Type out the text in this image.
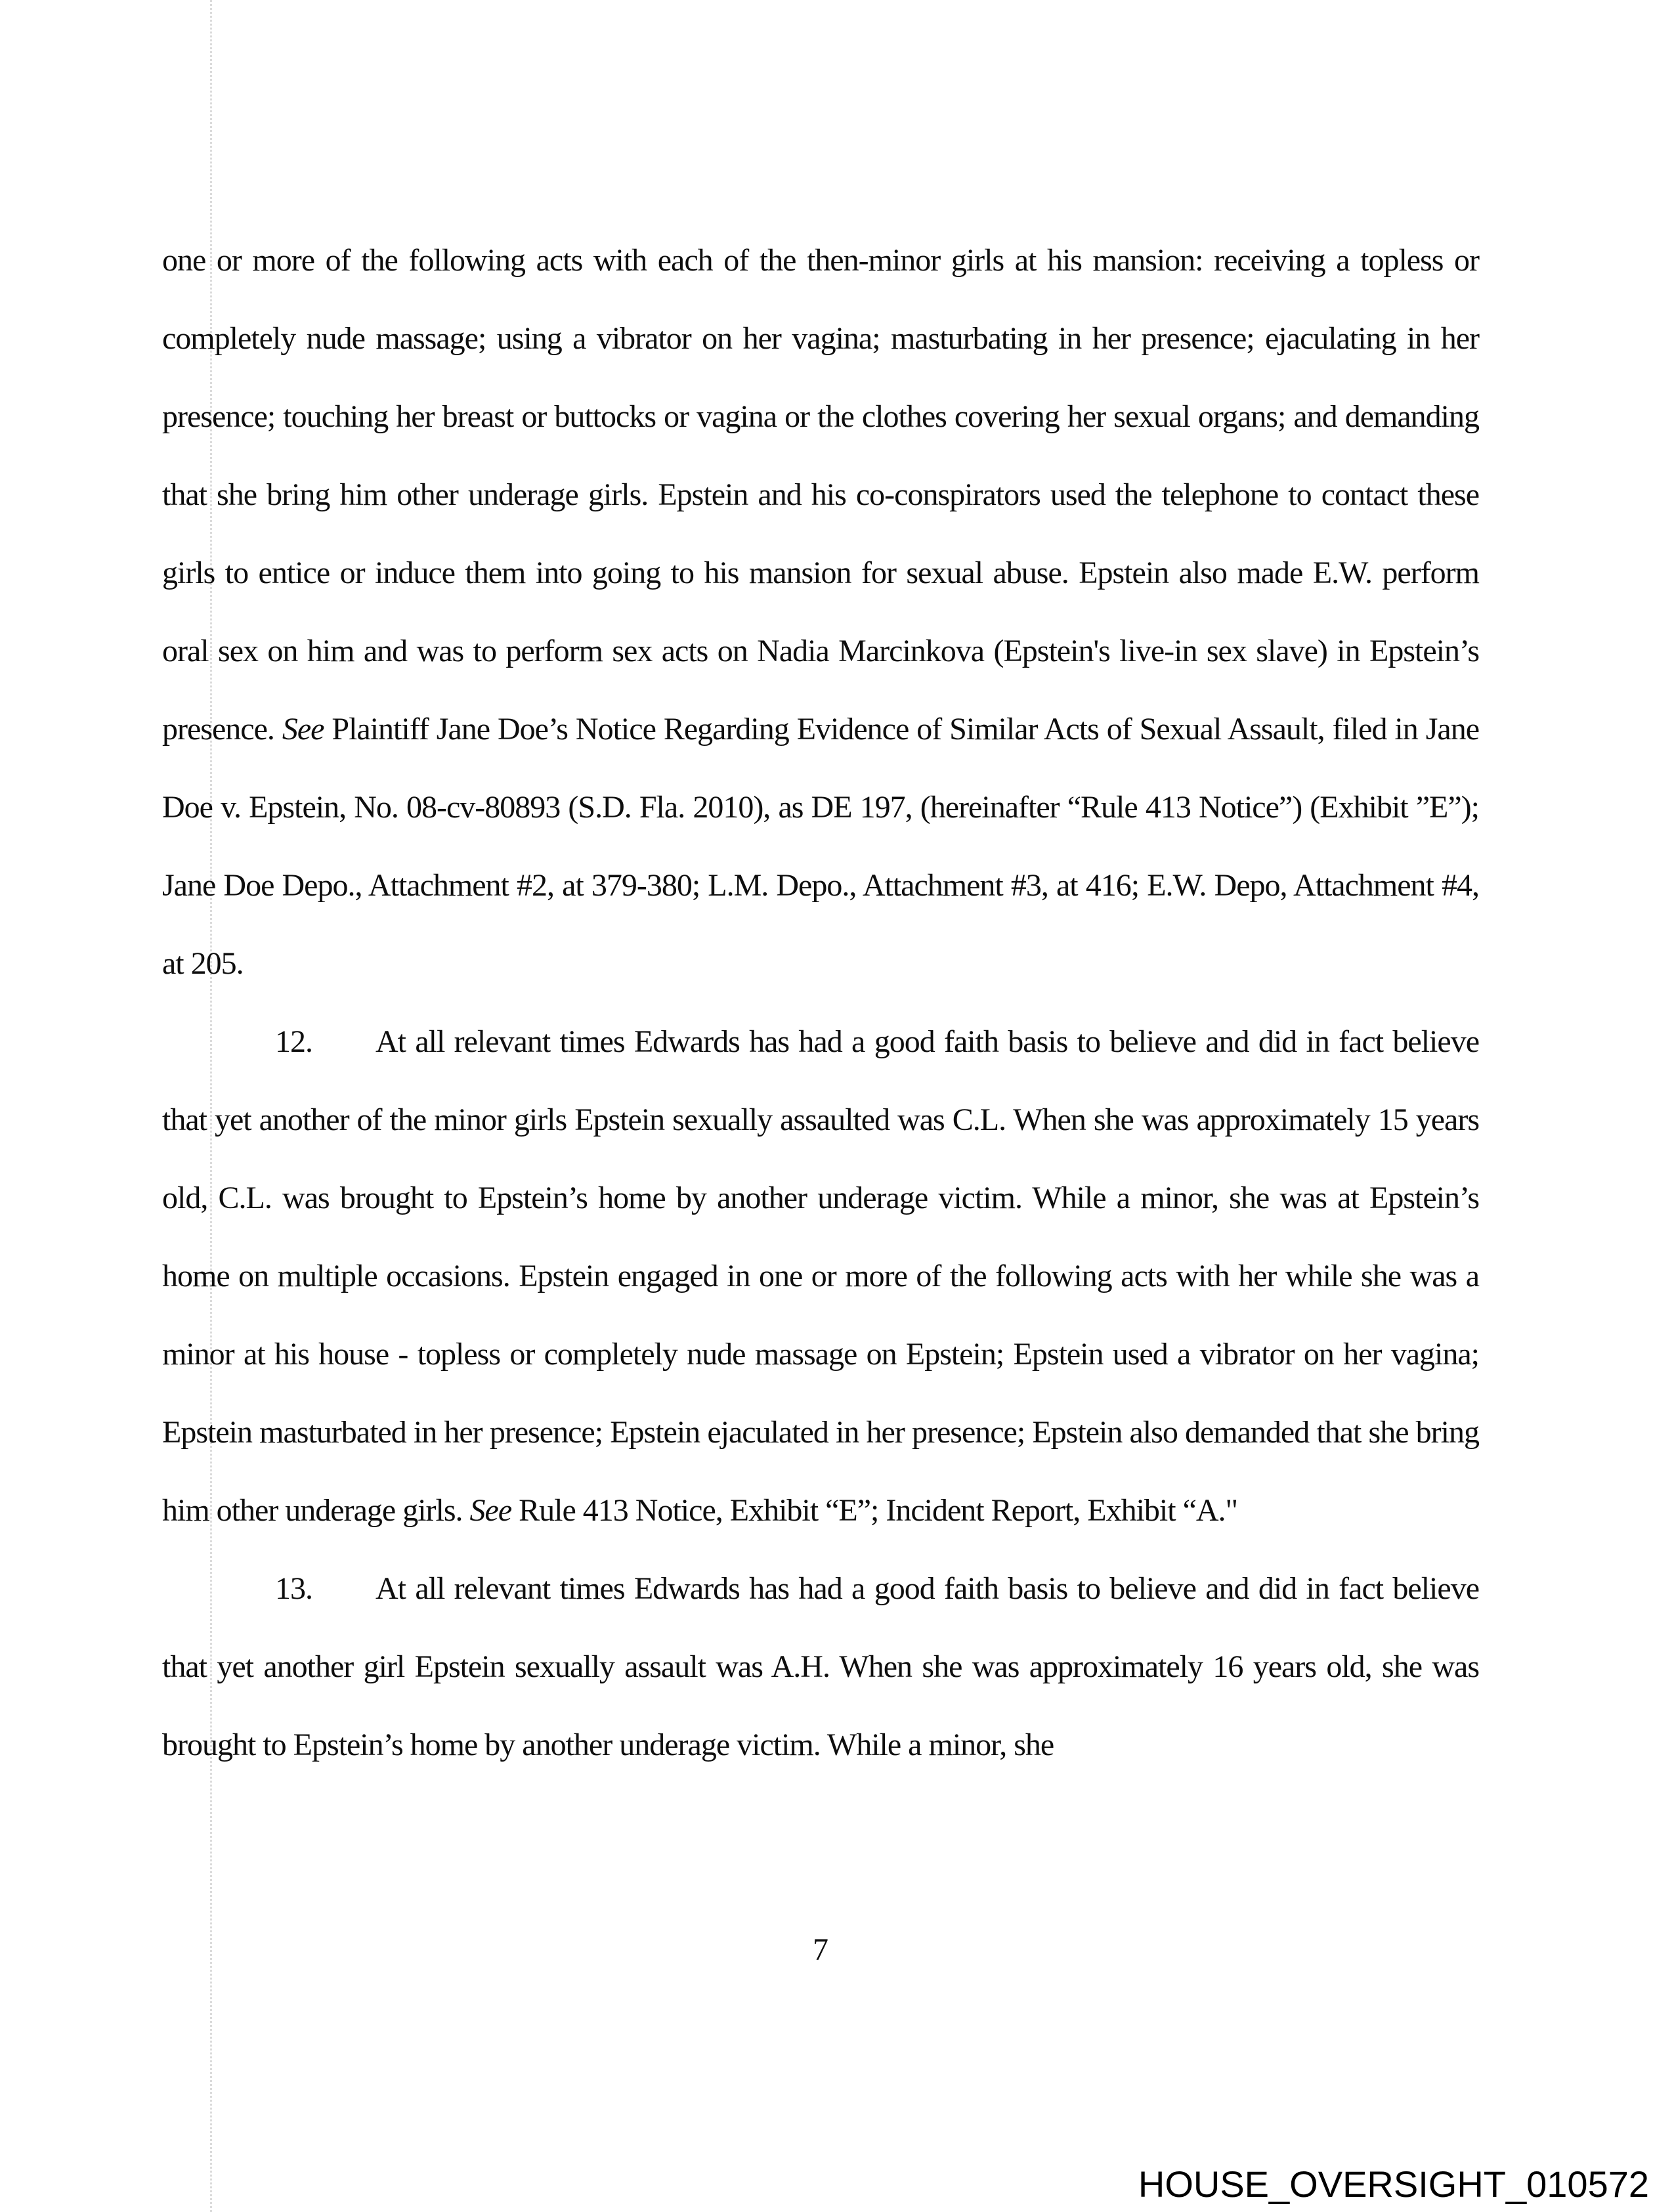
one or more of the following acts with each of the then-minor girls at his mansion: receiving a topless or completely nude massage; using a vibrator on her vagina; masturbating in her presence; ejaculating in her presence; touching her breast or buttocks or vagina or the clothes covering her sexual organs; and demanding that she bring him other underage girls. Epstein and his co-conspirators used the telephone to contact these girls to entice or induce them into going to his mansion for sexual abuse. Epstein also made E.W. perform oral sex on him and was to perform sex acts on Nadia Marcinkova (Epstein's live-in sex slave) in Epstein’s presence. See Plaintiff Jane Doe’s Notice Regarding Evidence of Similar Acts of Sexual Assault, filed in Jane Doe v. Epstein, No. 08-cv-80893 (S.D. Fla. 2010), as DE 197, (hereinafter “Rule 413 Notice”) (Exhibit ”E”); Jane Doe Depo., Attachment #2, at 379-380; L.M. Depo., Attachment #3, at 416; E.W. Depo, Attachment #4, at 205.

12. At all relevant times Edwards has had a good faith basis to believe and did in fact believe that yet another of the minor girls Epstein sexually assaulted was C.L. When she was approximately 15 years old, C.L. was brought to Epstein’s home by another underage victim. While a minor, she was at Epstein’s home on multiple occasions. Epstein engaged in one or more of the following acts with her while she was a minor at his house - topless or completely nude massage on Epstein; Epstein used a vibrator on her vagina; Epstein masturbated in her presence; Epstein ejaculated in her presence; Epstein also demanded that she bring him other underage girls. See Rule 413 Notice, Exhibit “E”; Incident Report, Exhibit “A."

13. At all relevant times Edwards has had a good faith basis to believe and did in fact believe that yet another girl Epstein sexually assault was A.H. When she was approximately 16 years old, she was brought to Epstein’s home by another underage victim. While a minor, she

7
HOUSE_OVERSIGHT_010572
